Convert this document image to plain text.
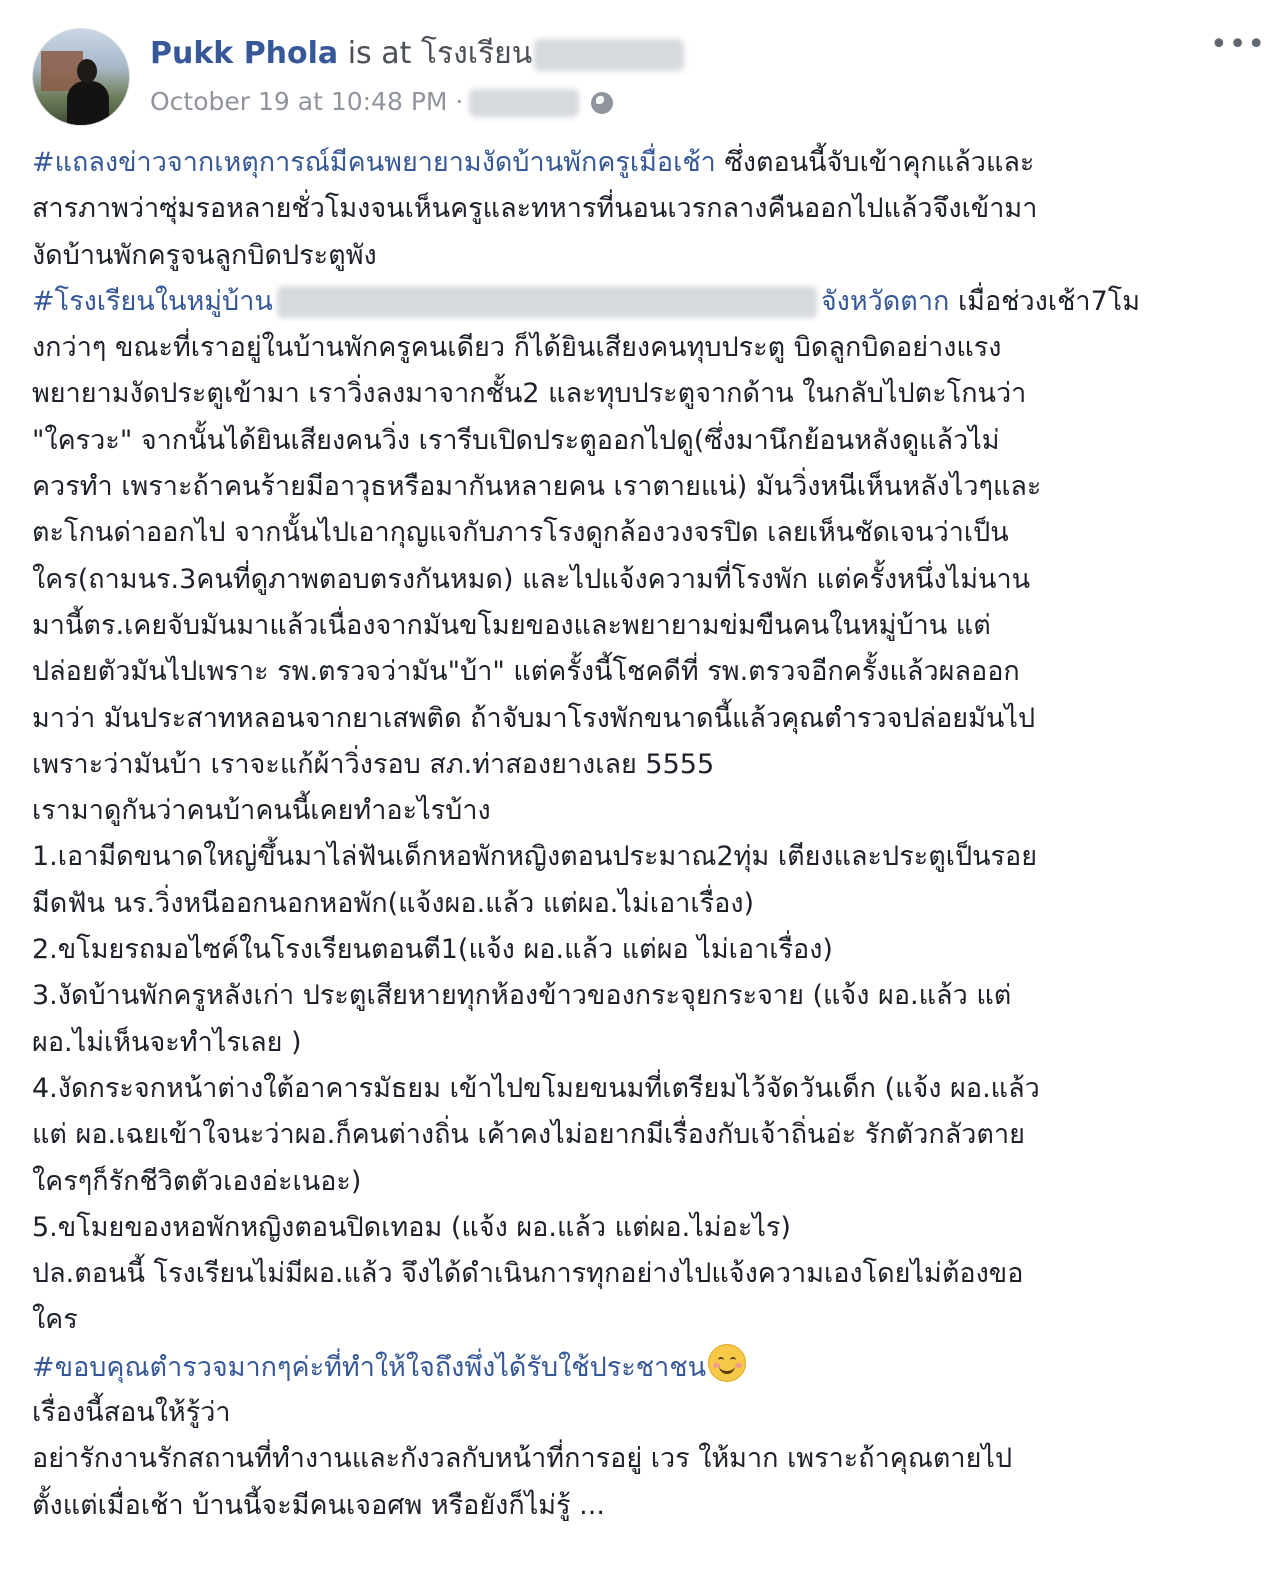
Pukk Phola is at โรงเรียน
October 19 at 10:48 PM ·
•••
#แถลงข่าวจากเหตุการณ์มีคนพยายามงัดบ้านพักครูเมื่อเช้า ซึ่งตอนนี้จับเข้าคุกแล้วและ
สารภาพว่าซุ่มรอหลายชั่วโมงจนเห็นครูและทหารที่นอนเวรกลางคืนออกไปแล้วจึงเข้ามา
งัดบ้านพักครูจนลูกบิดประตูพัง
#โรงเรียนในหมู่บ้าน	จังหวัดตาก เมื่อช่วงเช้า7โม
งกว่าๆ ขณะที่เราอยู่ในบ้านพักครูคนเดียว ก็ได้ยินเสียงคนทุบประตู บิดลูกบิดอย่างแรง
พยายามงัดประตูเข้ามา เราวิ่งลงมาจากชั้น2 และทุบประตูจากด้าน ในกลับไปตะโกนว่า
"ใครวะ" จากนั้นได้ยินเสียงคนวิ่ง เรารีบเปิดประตูออกไปดู(ซึ่งมานึกย้อนหลังดูแล้วไม่
ควรทำ เพราะถ้าคนร้ายมีอาวุธหรือมากันหลายคน เราตายแน่) มันวิ่งหนีเห็นหลังไวๆและ
ตะโกนด่าออกไป จากนั้นไปเอากุญแจกับภารโรงดูกล้องวงจรปิด เลยเห็นชัดเจนว่าเป็น
ใคร(ถามนร.3คนที่ดูภาพตอบตรงกันหมด) และไปแจ้งความที่โรงพัก แต่ครั้งหนึ่งไม่นาน
มานี้ตร.เคยจับมันมาแล้วเนื่องจากมันขโมยของและพยายามข่มขืนคนในหมู่บ้าน แต่
ปล่อยตัวมันไปเพราะ รพ.ตรวจว่ามัน"บ้า" แต่ครั้งนี้โชคดีที่ รพ.ตรวจอีกครั้งแล้วผลออก
มาว่า มันประสาทหลอนจากยาเสพติด ถ้าจับมาโรงพักขนาดนี้แล้วคุณตำรวจปล่อยมันไป
เพราะว่ามันบ้า เราจะแก้ผ้าวิ่งรอบ สภ.ท่าสองยางเลย 5555
เรามาดูกันว่าคนบ้าคนนี้เคยทำอะไรบ้าง
1.เอามีดขนาดใหญ่ขึ้นมาไล่ฟันเด็กหอพักหญิงตอนประมาณ2ทุ่ม เตียงและประตูเป็นรอย
มีดฟัน นร.วิ่งหนีออกนอกหอพัก(แจ้งผอ.แล้ว แต่ผอ.ไม่เอาเรื่อง)
2.ขโมยรถมอไซค์ในโรงเรียนตอนตี1(แจ้ง ผอ.แล้ว แต่ผอ ไม่เอาเรื่อง)
3.งัดบ้านพักครูหลังเก่า ประตูเสียหายทุกห้องข้าวของกระจุยกระจาย (แจ้ง ผอ.แล้ว แต่
ผอ.ไม่เห็นจะทำไรเลย )
4.งัดกระจกหน้าต่างใต้อาคารมัธยม เข้าไปขโมยขนมที่เตรียมไว้จัดวันเด็ก (แจ้ง ผอ.แล้ว
แต่ ผอ.เฉยเข้าใจนะว่าผอ.ก็คนต่างถิ่น เค้าคงไม่อยากมีเรื่องกับเจ้าถิ่นอ่ะ รักตัวกลัวตาย
ใครๆก็รักชีวิตตัวเองอ่ะเนอะ)
5.ขโมยของหอพักหญิงตอนปิดเทอม (แจ้ง ผอ.แล้ว แต่ผอ.ไม่อะไร)
ปล.ตอนนี้ โรงเรียนไม่มีผอ.แล้ว จึงได้ดำเนินการทุกอย่างไปแจ้งความเองโดยไม่ต้องขอ
ใคร
#ขอบคุณตำรวจมากๆค่ะที่ทำให้ใจถึงพึ่งได้รับใช้ประชาชน
เรื่องนี้สอนให้รู้ว่า
อย่ารักงานรักสถานที่ทำงานและกังวลกับหน้าที่การอยู่ เวร ให้มาก เพราะถ้าคุณตายไป
ตั้งแต่เมื่อเช้า บ้านนี้จะมีคนเจอศพ หรือยังก็ไม่รู้ ...
